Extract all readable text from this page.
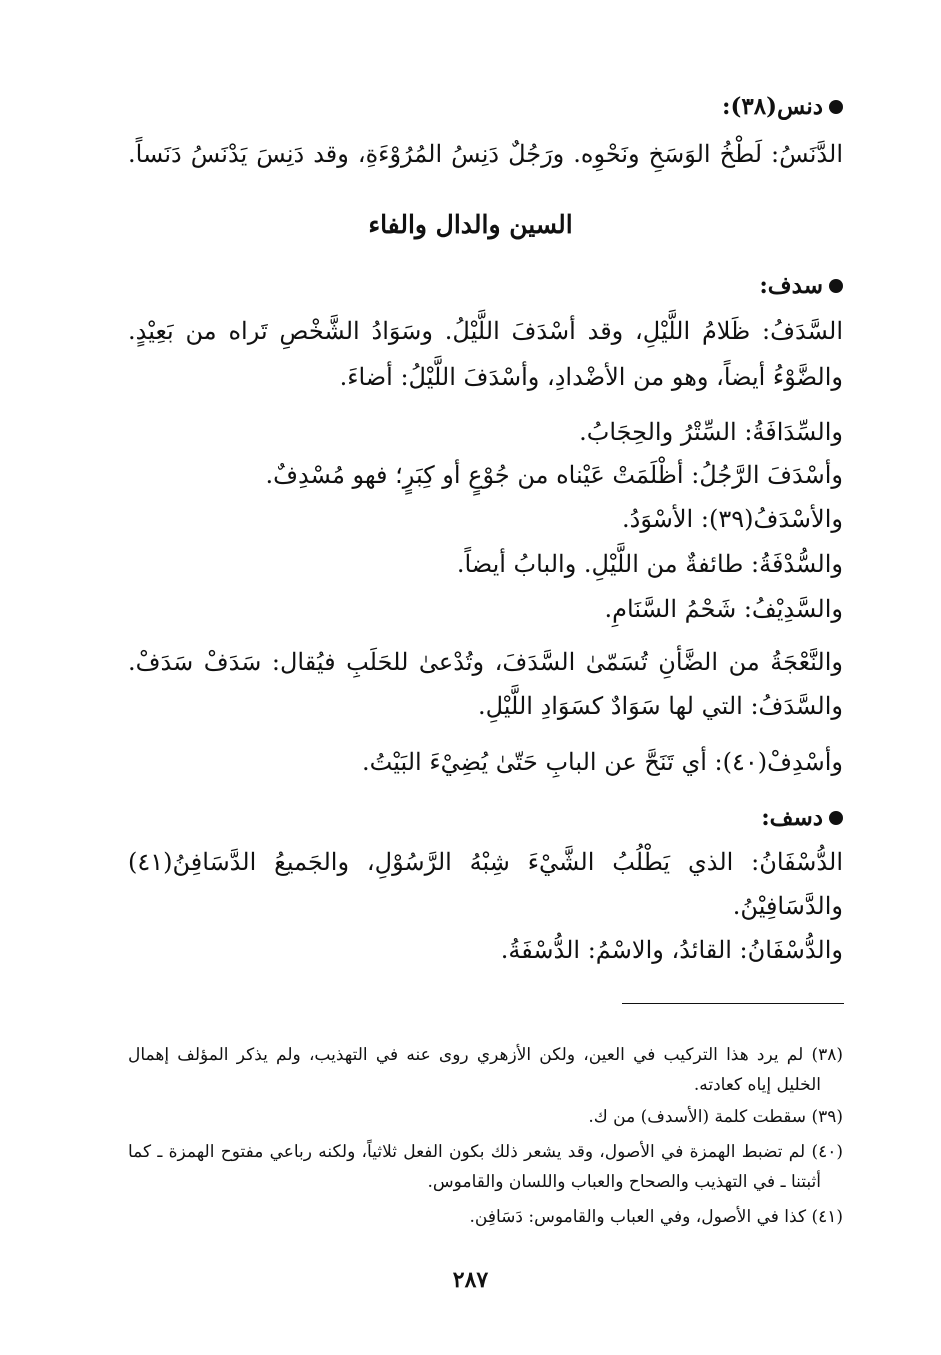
دنس(٣٨):
الدَّنَسُ: لَطْخُ الوَسَخِ ونَحْوِه. ورَجُلٌ دَنِسُ المُرُوْءَةِ، وقد دَنِسَ يَدْنَسُ دَنَساً.
السين والدال والفاء
سدف:
السَّدَفُ: ظَلامُ اللَّيْلِ، وقد أسْدَفَ اللَّيْلُ. وسَوَادُ الشَّخْصِ تَراه من بَعِيْدٍ.
والضَّوْءُ أيضاً، وهو من الأضْدادِ، وأسْدَفَ اللَّيْلُ: أضاءَ.
والسِّدَافَةُ: السِّتْرُ والحِجَابُ.
وأسْدَفَ الرَّجُلُ: أظْلَمَتْ عَيْناه من جُوْعٍ أو كِبَرٍ؛ فهو مُسْدِفٌ.
والأسْدَفُ(٣٩): الأسْوَدُ.
والسُّدْفَةُ: طائفةٌ من اللَّيْلِ. والبابُ أيضاً.
والسَّدِيْفُ: شَحْمُ السَّنَامِ.
والنَّعْجَةُ من الضَّأنِ تُسَمّىٰ السَّدَفَ، وتُدْعىٰ للحَلَبِ فيُقال: سَدَفْ سَدَفْ.
والسَّدَفُ: التي لها سَوَادٌ كسَوَادِ اللَّيْلِ.
وأسْدِفْ(٤٠): أي تَنَحَّ عن البابِ حَتّىٰ يُضِيْءَ البَيْتُ.
دسف:
الدُّسْفَانُ: الذي يَطْلُبُ الشَّيْءَ شِبْهُ الرَّسُوْلِ، والجَميعُ الدَّسَافِنُ(٤١)
والدَّسَافِيْنُ.
والدُّسْفَانُ: القائدُ، والاسْمُ: الدُّسْفَةُ.
(٣٨) لم يرد هذا التركيب في العين، ولكن الأزهري روى عنه في التهذيب، ولم يذكر المؤلف إهمال
الخليل إياه كعادته.
(٣٩) سقطت كلمة (الأسدف) من ك.
(٤٠) لم تضبط الهمزة في الأصول، وقد يشعر ذلك بكون الفعل ثلاثياً، ولكنه رباعي مفتوح الهمزة ـ كما
أثبتنا ـ في التهذيب والصحاح والعباب واللسان والقاموس.
(٤١) كذا في الأصول، وفي العباب والقاموس: دَسَافِن.
٢٨٧
